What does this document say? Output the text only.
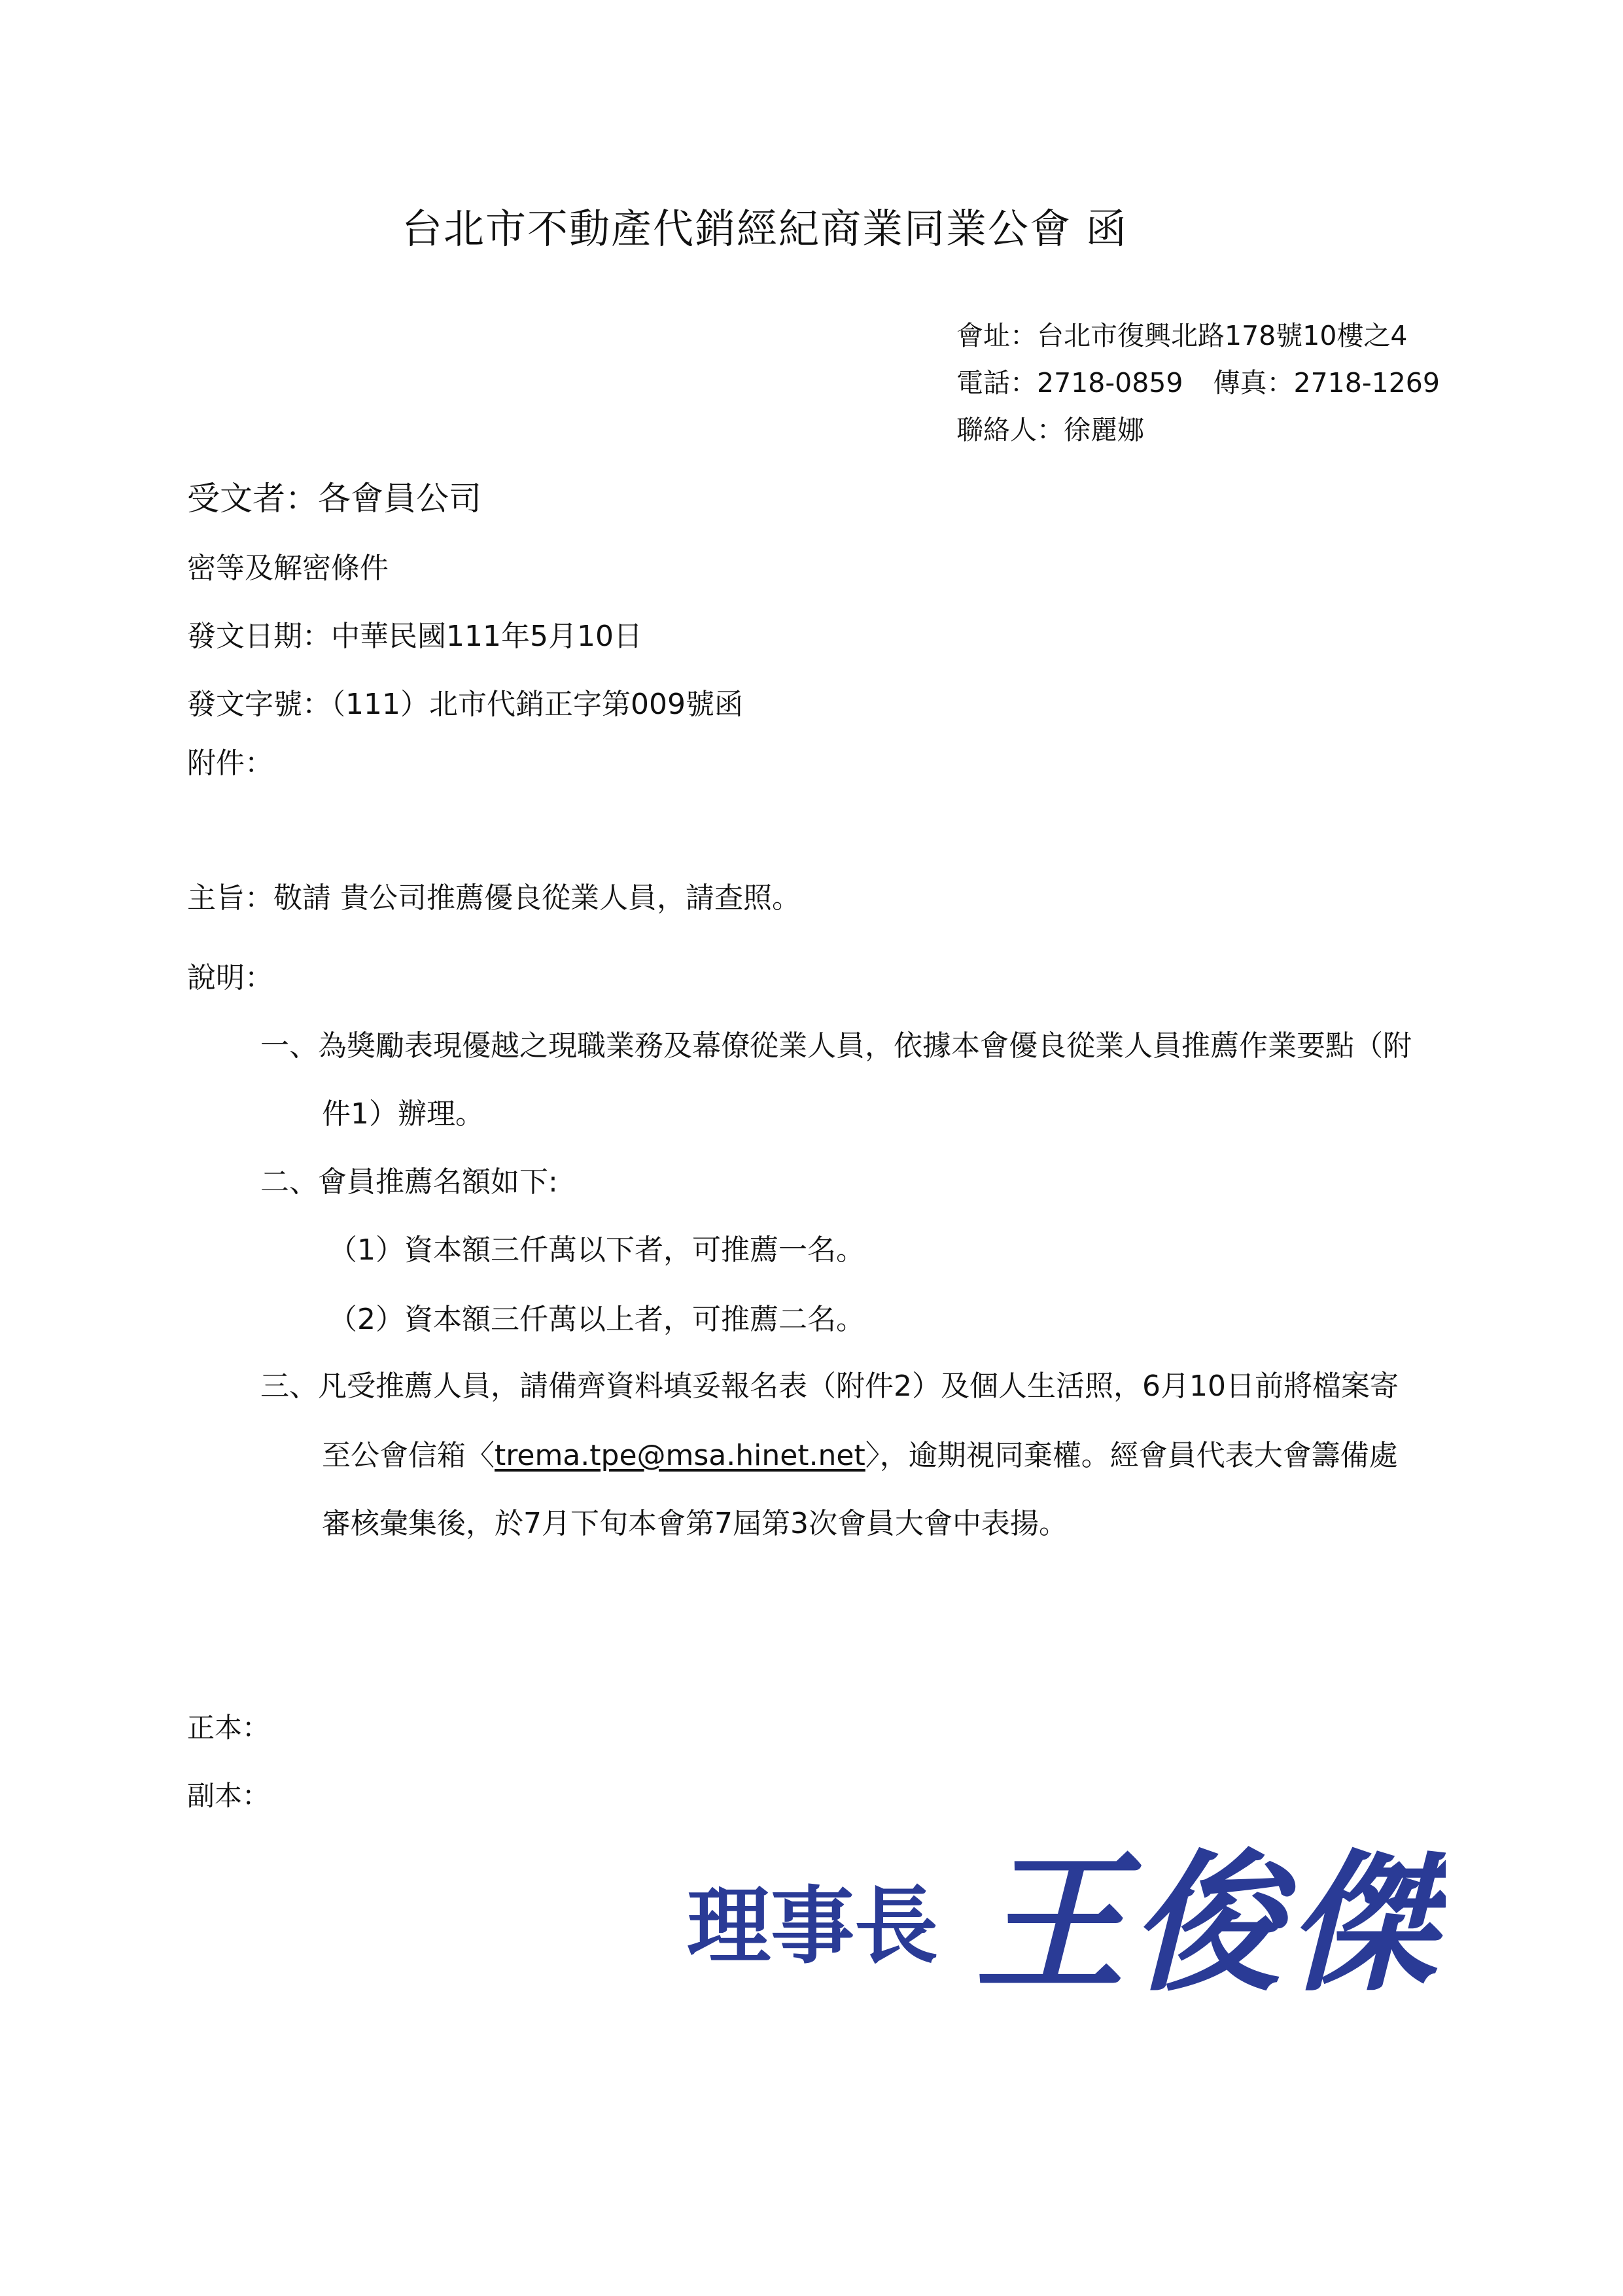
台北市不動產代銷經紀商業同業公會 函
會址：台北市復興北路178號10樓之4
電話：2718-0859 傳真：2718-1269
聯絡人：徐麗娜
受文者：各會員公司
密等及解密條件
發文日期：中華民國111年5月10日
發文字號：（111）北市代銷正字第009號函
附件：
主旨：敬請 貴公司推薦優良從業人員，請查照。
說明：
一、為獎勵表現優越之現職業務及幕僚從業人員，依據本會優良從業人員推薦作業要點（附
件1）辦理。
二、會員推薦名額如下:
（1）資本額三仟萬以下者，可推薦一名。
（2）資本額三仟萬以上者，可推薦二名。
三、凡受推薦人員，請備齊資料填妥報名表（附件2）及個人生活照，6月10日前將檔案寄
至公會信箱〈trema.tpe@msa.hinet.net〉，逾期視同棄權。經會員代表大會籌備處
審核彙集後，於7月下旬本會第7屆第3次會員大會中表揚。
正本：
副本：
理事長 王俊傑
